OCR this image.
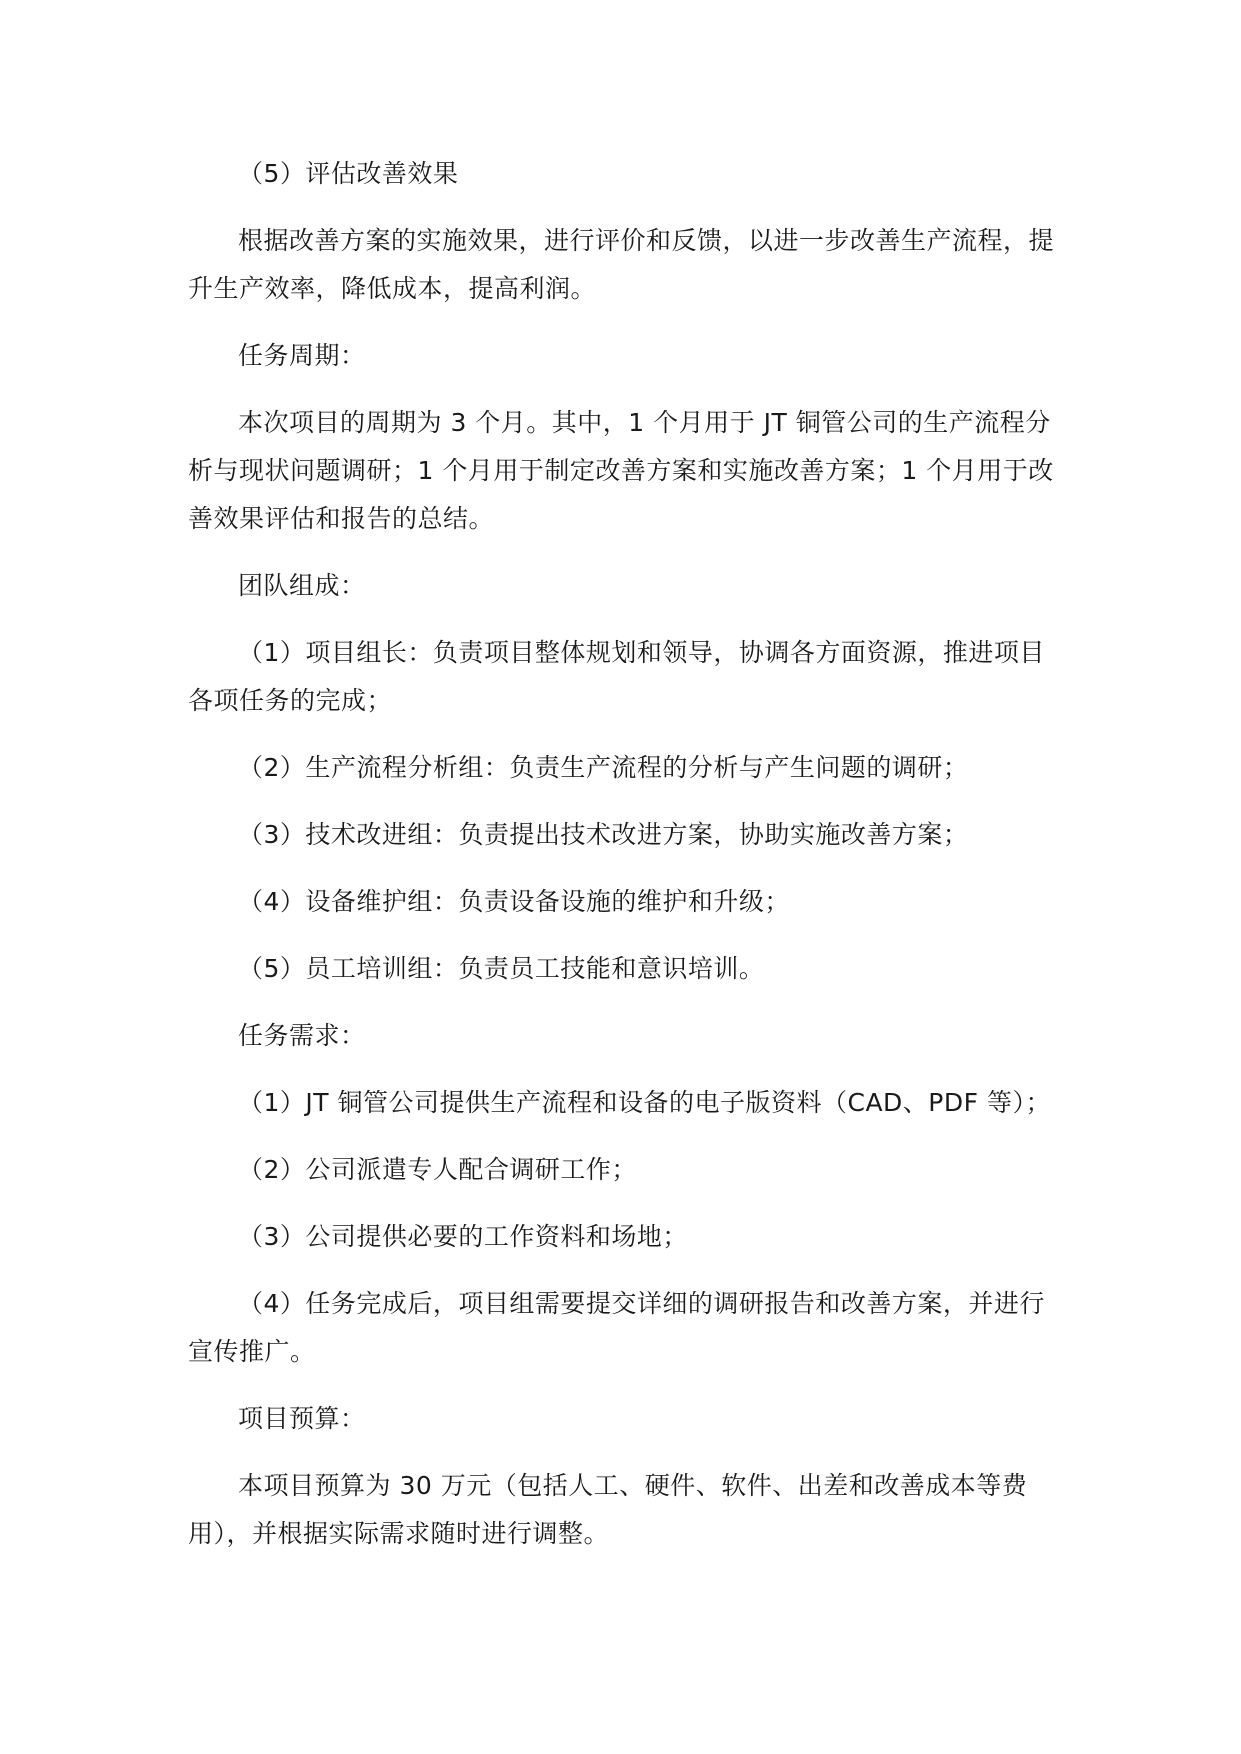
（5）评估改善效果

根据改善方案的实施效果，进行评价和反馈，以进一步改善生产流程，提升生产效率，降低成本，提高利润。

任务周期：

本次项目的周期为 3 个月。其中，1 个月用于 JT 铜管公司的生产流程分析与现状问题调研；1 个月用于制定改善方案和实施改善方案；1 个月用于改善效果评估和报告的总结。

团队组成：

（1）项目组长：负责项目整体规划和领导，协调各方面资源，推进项目各项任务的完成；

（2）生产流程分析组：负责生产流程的分析与产生问题的调研；

（3）技术改进组：负责提出技术改进方案，协助实施改善方案；

（4）设备维护组：负责设备设施的维护和升级；

（5）员工培训组：负责员工技能和意识培训。

任务需求：

（1）JT 铜管公司提供生产流程和设备的电子版资料（CAD、PDF 等）；

（2）公司派遣专人配合调研工作；

（3）公司提供必要的工作资料和场地；

（4）任务完成后，项目组需要提交详细的调研报告和改善方案，并进行宣传推广。

项目预算：

本项目预算为 30 万元（包括人工、硬件、软件、出差和改善成本等费用），并根据实际需求随时进行调整。
